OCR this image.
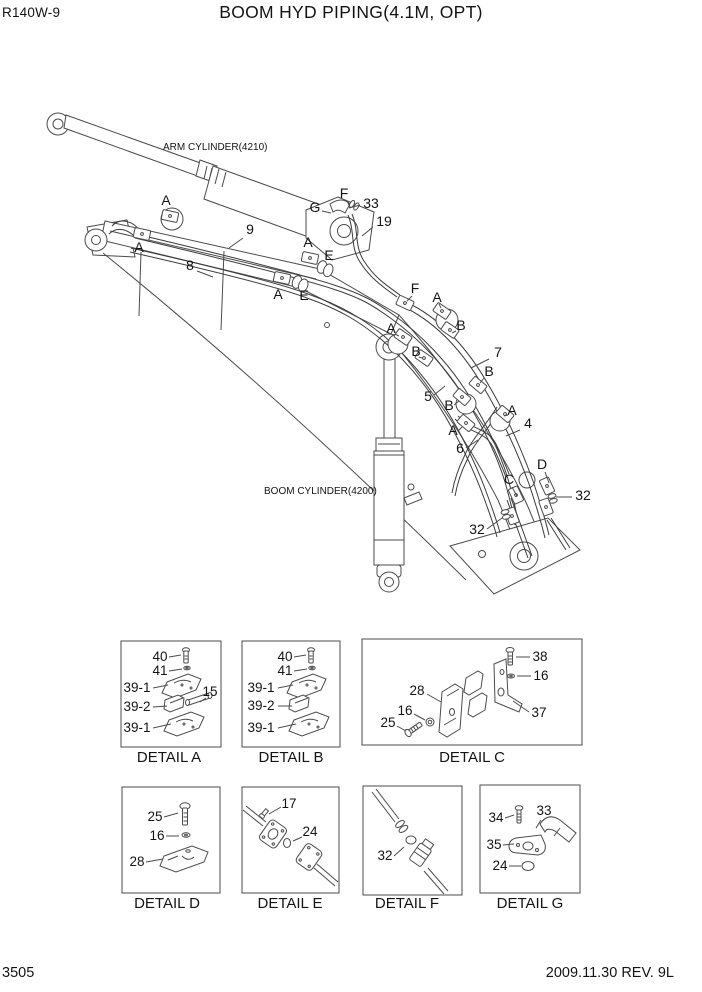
R140W-9	BOOM HYD PIPING(4.1M, OPT)
A	F
G	33
19
9
A	A
E
8
A E	F
A
B
A
B	7
B
5
B	A
A	4
6
D
C
32
32
ARM CYLINDER(4210)
BOOM CYLINDER(4200)
DETAIL A
40
41
39-1	15
39-2
39-1
DETAIL B
40
41
39-1
39-2
39-1
DETAIL C
38
16
28
16
25
37
DETAIL D
25
16
28
DETAIL E
17
24
DETAIL F
32
DETAIL G
34 33
35
24
3505	2009.11.30 REV. 9L
